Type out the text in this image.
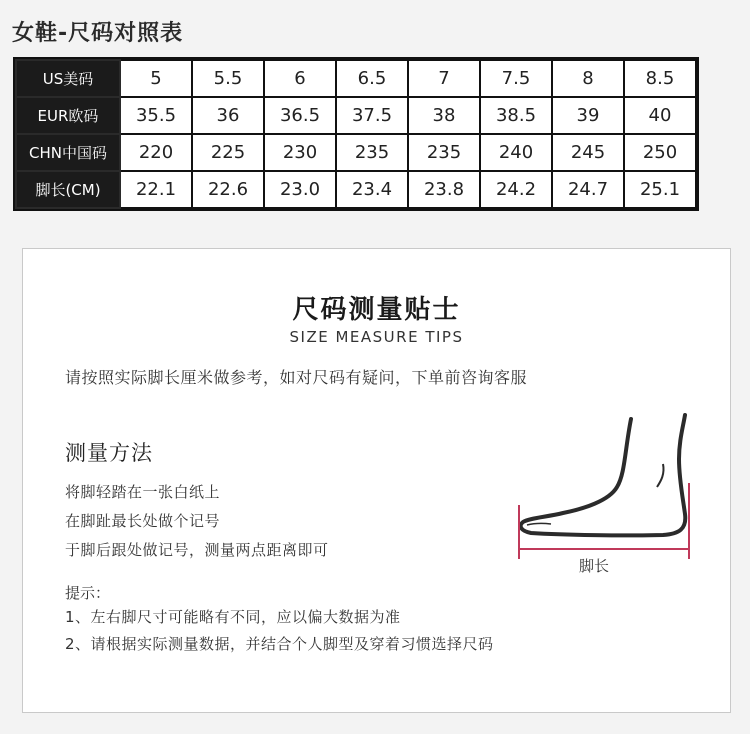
女鞋-尺码对照表
US美码	5	5.5	6	6.5	7	7.5	8	8.5
EUR欧码	35.5	36	36.5	37.5	38	38.5	39	40
CHN中国码	220	225	230	235	235	240	245	250
脚长(CM)	22.1	22.6	23.0	23.4	23.8	24.2	24.7	25.1
尺码测量贴士
SIZE MEASURE TIPS
请按照实际脚长厘米做参考，如对尺码有疑问，下单前咨询客服
测量方法
将脚轻踏在一张白纸上
在脚趾最长处做个记号
于脚后跟处做记号，测量两点距离即可
脚长
提示：
1、左右脚尺寸可能略有不同，应以偏大数据为准
2、请根据实际测量数据，并结合个人脚型及穿着习惯选择尺码
